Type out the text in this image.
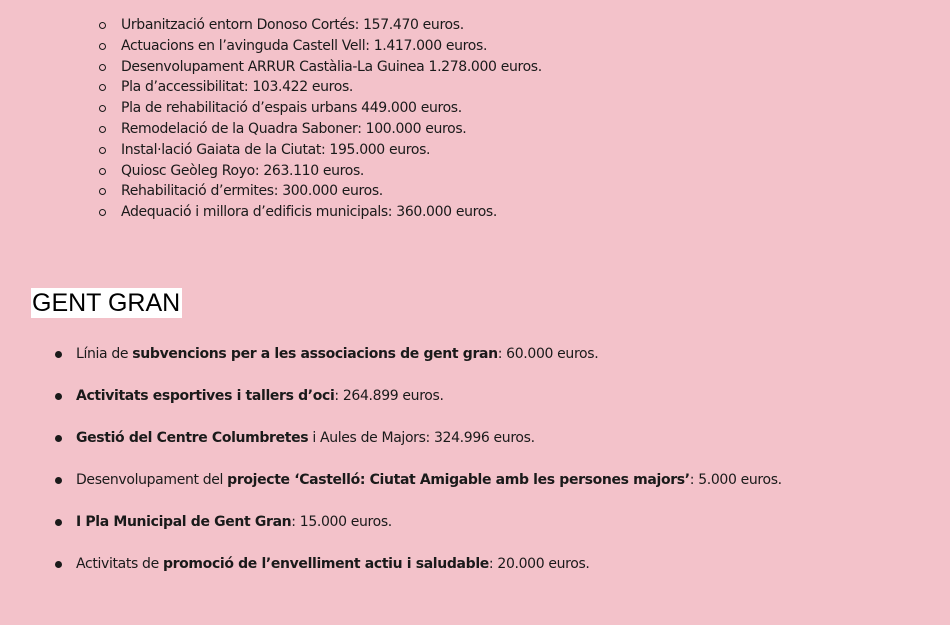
Urbanització entorn Donoso Cortés: 157.470 euros.
Actuacions en l’avinguda Castell Vell: 1.417.000 euros.
Desenvolupament ARRUR Castàlia-La Guinea 1.278.000 euros.
Pla d’accessibilitat: 103.422 euros.
Pla de rehabilitació d’espais urbans 449.000 euros.
Remodelació de la Quadra Saboner: 100.000 euros.
Instal·lació Gaiata de la Ciutat: 195.000 euros.
Quiosc Geòleg Royo: 263.110 euros.
Rehabilitació d’ermites: 300.000 euros.
Adequació i millora d’edificis municipals: 360.000 euros.
GENT GRAN
Línia de subvencions per a les associacions de gent gran: 60.000 euros.
Activitats esportives i tallers d’oci: 264.899 euros.
Gestió del Centre Columbretes i Aules de Majors: 324.996 euros.
Desenvolupament del projecte ‘Castelló: Ciutat Amigable amb les persones majors’: 5.000 euros.
I Pla Municipal de Gent Gran: 15.000 euros.
Activitats de promoció de l’envelliment actiu i saludable: 20.000 euros.
